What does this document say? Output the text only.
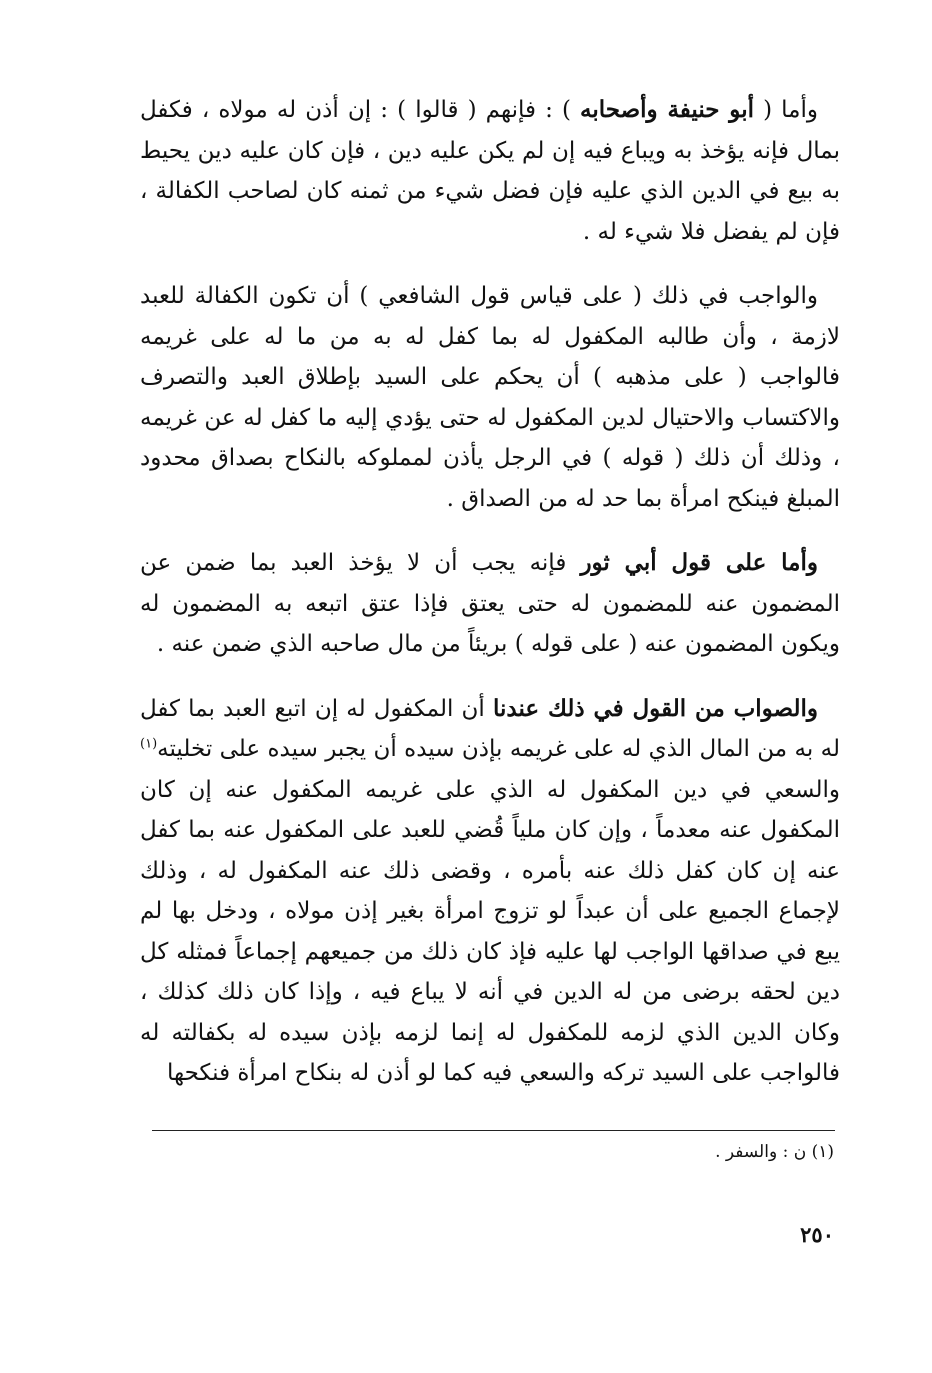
وأما ( أبو حنيفة وأصحابه ) : فإنهم ( قالوا ) : إن أذن له مولاه ، فكفل بمال فإنه يؤخذ به ويباع فيه إن لم يكن عليه دين ، فإن كان عليه دين يحيط به بيع في الدين الذي عليه فإن فضل شيء من ثمنه كان لصاحب الكفالة ، فإن لم يفضل فلا شيء له .

والواجب في ذلك ( على قياس قول الشافعي ) أن تكون الكفالة للعبد لازمة ، وأن طالبه المكفول له بما كفل له به من ما له على غريمه فالواجب ( على مذهبه ) أن يحكم على السيد بإطلاق العبد والتصرف والاكتساب والاحتيال لدين المكفول له حتى يؤدي إليه ما كفل له عن غريمه ، وذلك أن ذلك ( قوله ) في الرجل يأذن لمملوكه بالنكاح بصداق محدود المبلغ فينكح امرأة بما حد له من الصداق .

وأما على قول أبي ثور فإنه يجب أن لا يؤخذ العبد بما ضمن عن المضمون عنه للمضمون له حتى يعتق فإذا عتق اتبعه به المضمون له ويكون المضمون عنه ( على قوله ) بريئاً من مال صاحبه الذي ضمن عنه .

والصواب من القول في ذلك عندنا أن المكفول له إن اتبع العبد بما كفل له به من المال الذي له على غريمه بإذن سيده أن يجبر سيده على تخليته$^{(١)}$ والسعي في دين المكفول له الذي على غريمه المكفول عنه إن كان المكفول عنه معدماً ، وإن كان ملياً قُضي للعبد على المكفول عنه بما كفل عنه إن كان كفل ذلك عنه بأمره ، وقضى ذلك عنه المكفول له ، وذلك لإجماع الجميع على أن عبداً لو تزوج امرأة بغير إذن مولاه ، ودخل بها لم يبع في صداقها الواجب لها عليه فإذ كان ذلك من جميعهم إجماعاً فمثله كل دين لحقه برضى من له الدين في أنه لا يباع فيه ، وإذا كان ذلك كذلك ، وكان الدين الذي لزمه للمكفول له إنما لزمه بإذن سيده له بكفالته له فالواجب على السيد تركه والسعي فيه كما لو أذن له بنكاح امرأة فنكحها

(١) ن : والسفر .
٢٥٠
